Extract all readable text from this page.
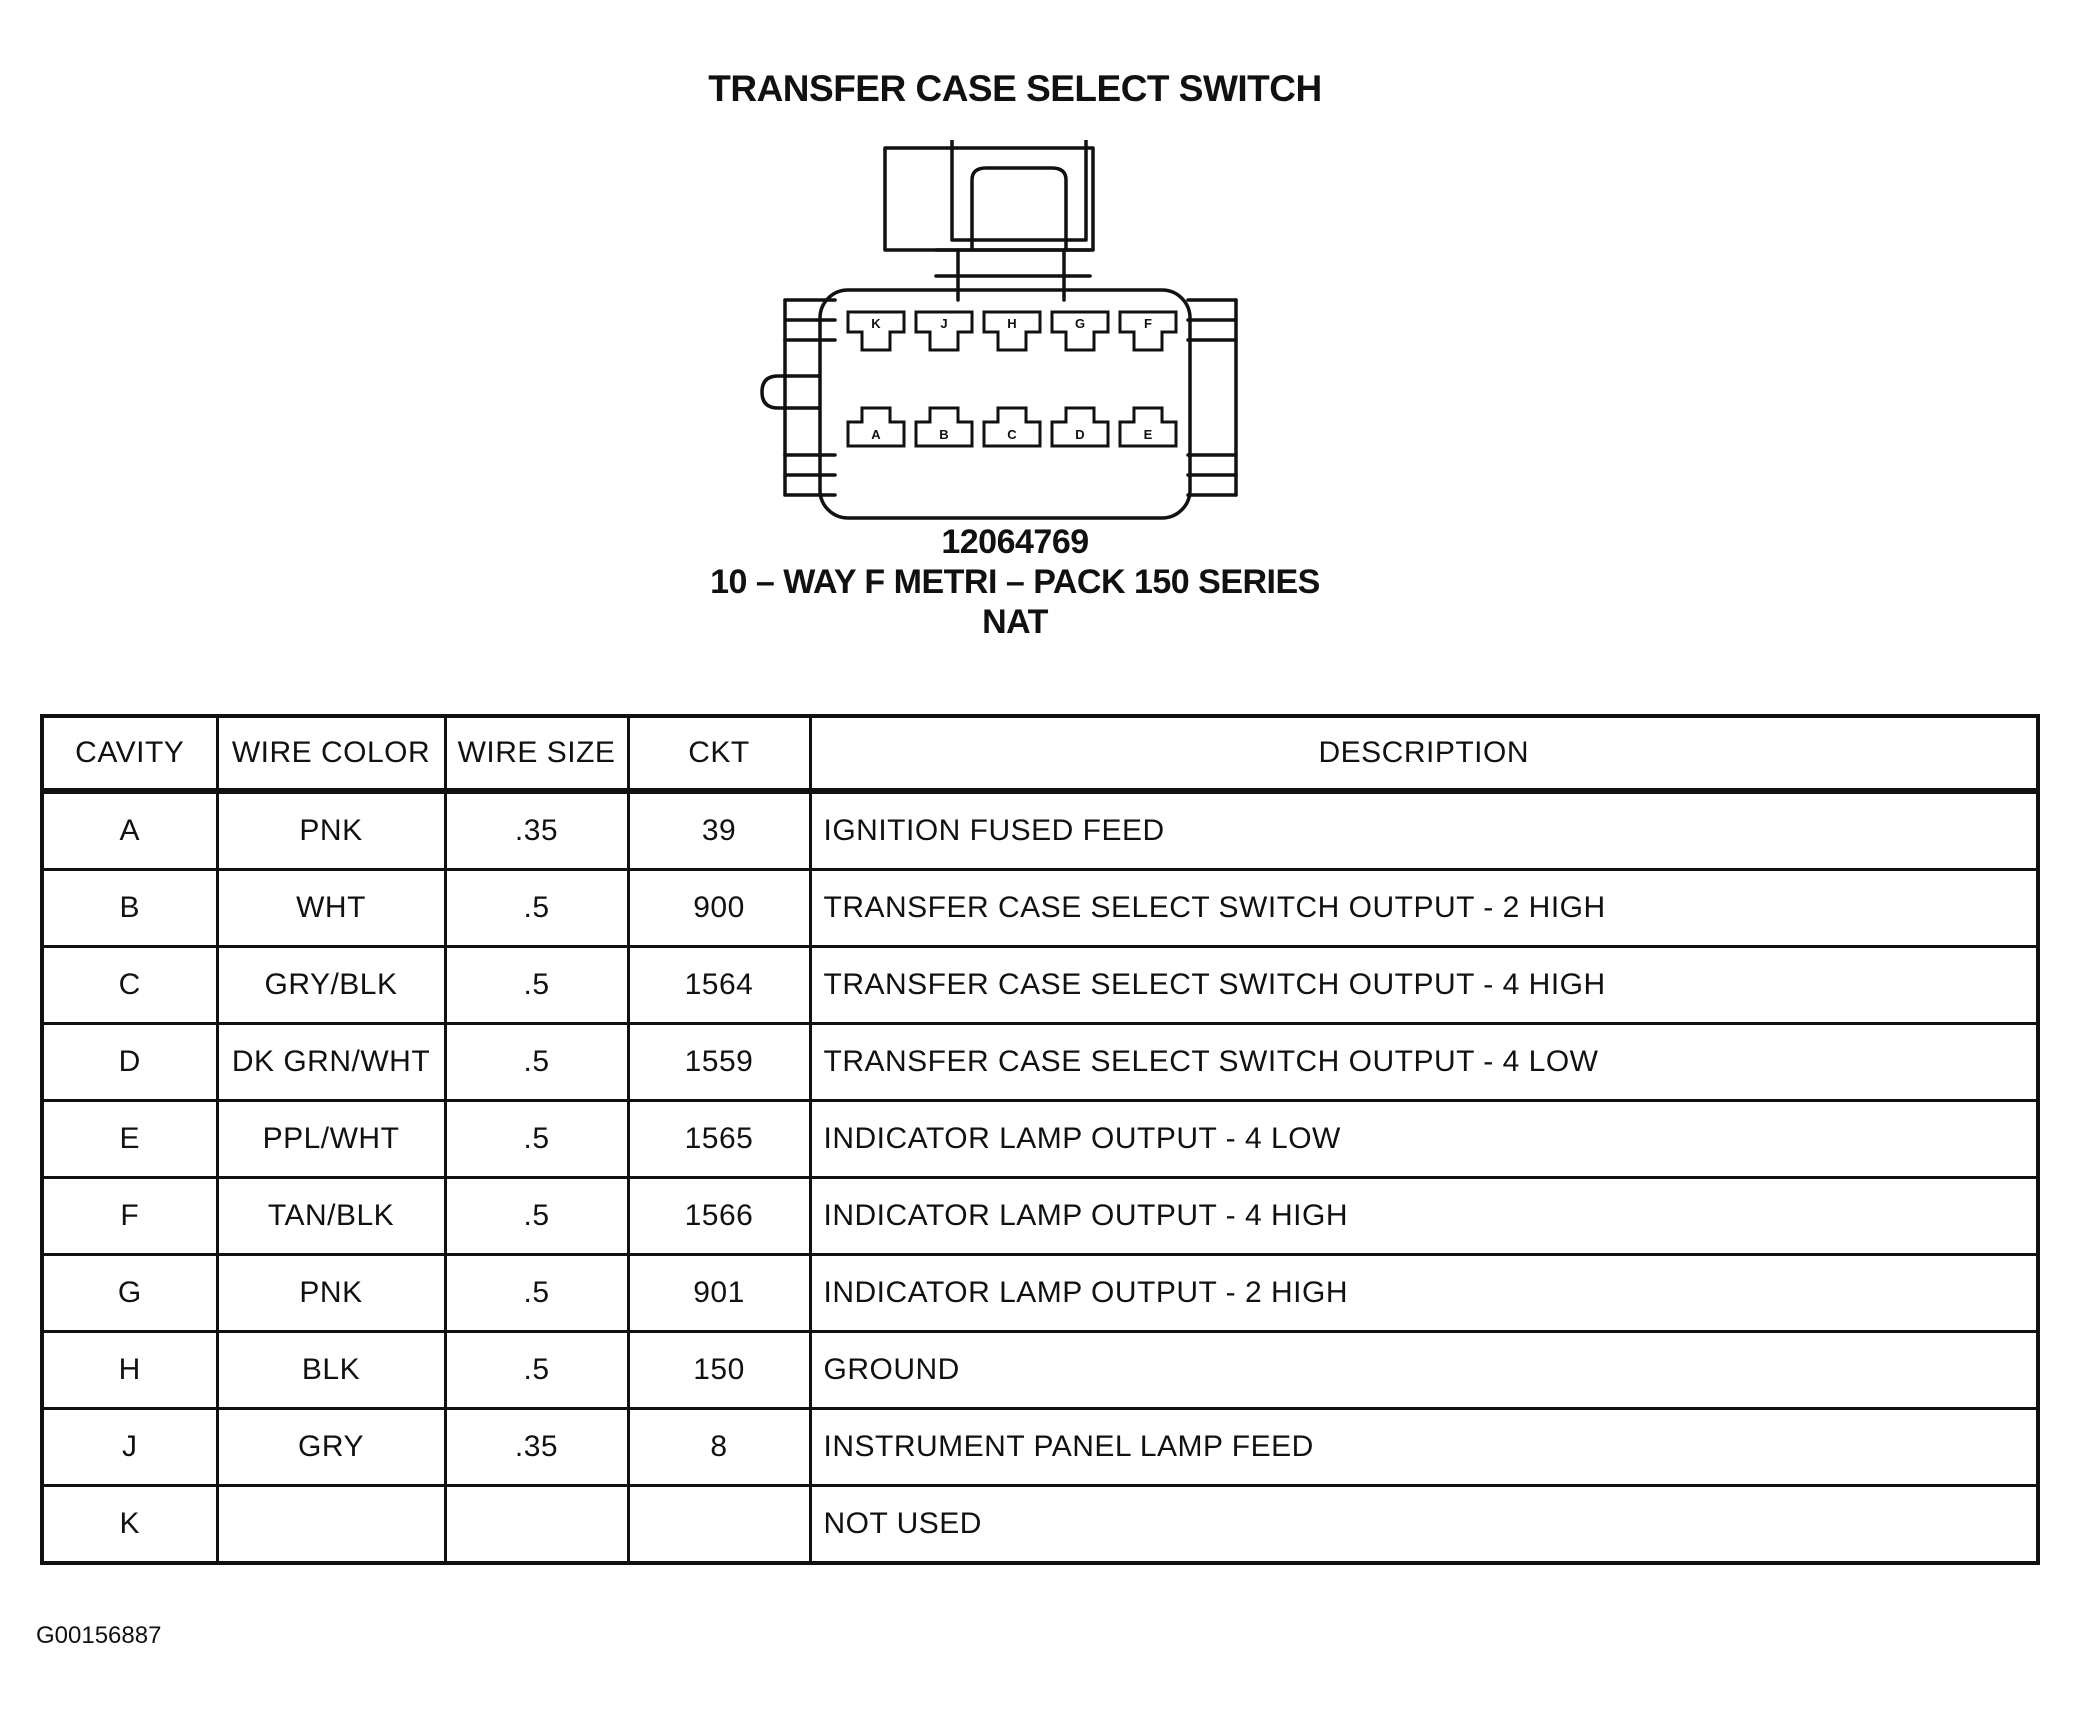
TRANSFER CASE SELECT SWITCH
K	J	H	G	F
A	B	C	D	E
12064769
10 – WAY F METRI – PACK 150 SERIES
NAT
CAVITY	WIRE COLOR	WIRE SIZE	CKT	DESCRIPTION
A	PNK	.35	39	IGNITION FUSED FEED
B	WHT	.5	900	TRANSFER CASE SELECT SWITCH OUTPUT - 2 HIGH
C	GRY/BLK	.5	1564	TRANSFER CASE SELECT SWITCH OUTPUT - 4 HIGH
D	DK GRN/WHT	.5	1559	TRANSFER CASE SELECT SWITCH OUTPUT - 4 LOW
E	PPL/WHT	.5	1565	INDICATOR LAMP OUTPUT - 4 LOW
F	TAN/BLK	.5	1566	INDICATOR LAMP OUTPUT - 4 HIGH
G	PNK	.5	901	INDICATOR LAMP OUTPUT - 2 HIGH
H	BLK	.5	150	GROUND
J	GRY	.35	8	INSTRUMENT PANEL LAMP FEED
K				NOT USED
G00156887
